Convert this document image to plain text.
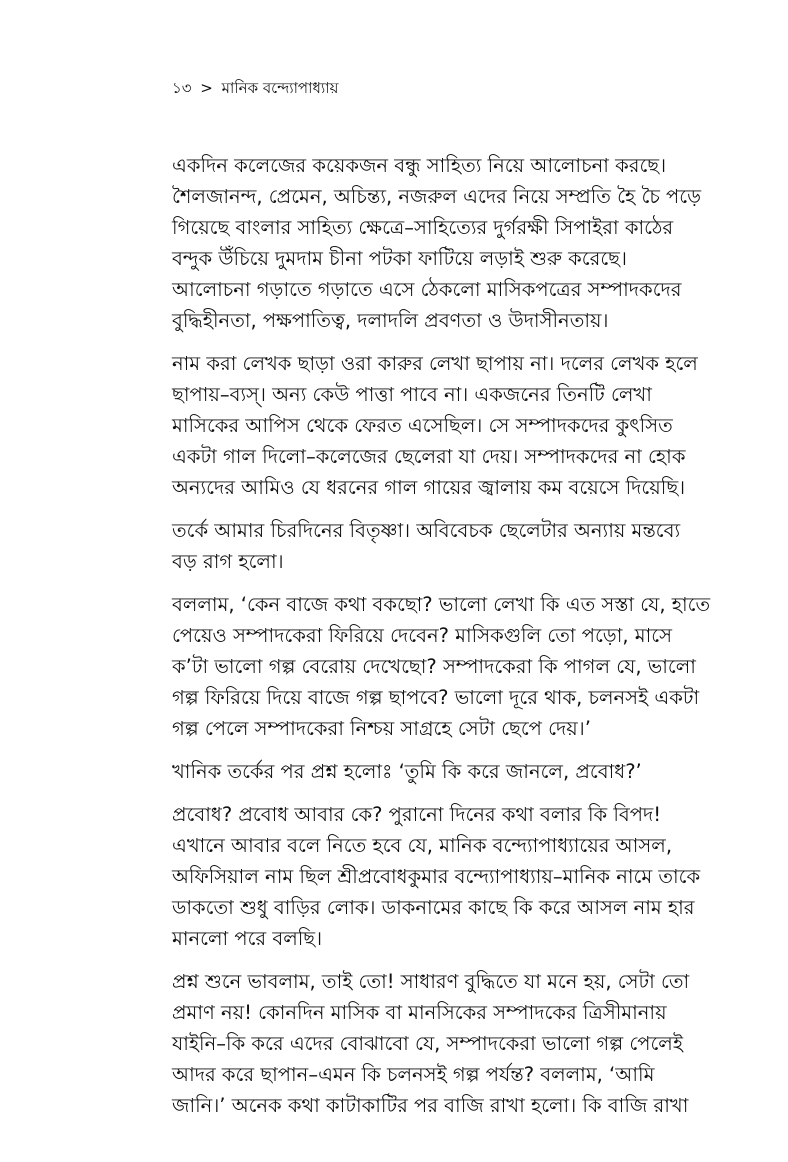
১৩ > মানিক বন্দ্যোপাধ্যায়

একদিন কলেজের কয়েকজন বন্ধু সাহিত্য নিয়ে আলোচনা করছে।
শৈলজানন্দ, প্রেমেন, অচিন্ত্য, নজরুল এদের নিয়ে সম্প্রতি হৈ চৈ পড়ে
গিয়েছে বাংলার সাহিত্য ক্ষেত্রে–সাহিত্যের দুর্গরক্ষী সিপাইরা কাঠের
বন্দুক উঁচিয়ে দুমদাম চীনা পটকা ফাটিয়ে লড়াই শুরু করেছে।
আলোচনা গড়াতে গড়াতে এসে ঠেকলো মাসিকপত্রের সম্পাদকদের
বুদ্ধিহীনতা, পক্ষপাতিত্ব, দলাদলি প্রবণতা ও উদাসীনতায়।

নাম করা লেখক ছাড়া ওরা কারুর লেখা ছাপায় না। দলের লেখক হলে
ছাপায়–ব্যস্। অন্য কেউ পাত্তা পাবে না। একজনের তিনটি লেখা
মাসিকের আপিস থেকে ফেরত এসেছিল। সে সম্পাদকদের কুৎসিত
একটা গাল দিলো–কলেজের ছেলেরা যা দেয়। সম্পাদকদের না হোক
অন্যদের আমিও যে ধরনের গাল গায়ের জ্বালায় কম বয়েসে দিয়েছি।

তর্কে আমার চিরদিনের বিতৃষ্ণা। অবিবেচক ছেলেটার অন্যায় মন্তব্যে
বড় রাগ হলো।

বললাম, ‘কেন বাজে কথা বকছো? ভালো লেখা কি এত সস্তা যে, হাতে
পেয়েও সম্পাদকেরা ফিরিয়ে দেবেন? মাসিকগুলি তো পড়ো, মাসে
ক’টা ভালো গল্প বেরোয় দেখেছো? সম্পাদকেরা কি পাগল যে, ভালো
গল্প ফিরিয়ে দিয়ে বাজে গল্প ছাপবে? ভালো দূরে থাক, চলনসই একটা
গল্প পেলে সম্পাদকেরা নিশ্চয় সাগ্রহে সেটা ছেপে দেয়।’

খানিক তর্কের পর প্রশ্ন হলোঃ ‘তুমি কি করে জানলে, প্রবোধ?’

প্রবোধ? প্রবোধ আবার কে? পুরানো দিনের কথা বলার কি বিপদ!
এখানে আবার বলে নিতে হবে যে, মানিক বন্দ্যোপাধ্যায়ের আসল,
অফিসিয়াল নাম ছিল শ্রীপ্রবোধকুমার বন্দ্যোপাধ্যায়–মানিক নামে তাকে
ডাকতো শুধু বাড়ির লোক। ডাকনামের কাছে কি করে আসল নাম হার
মানলো পরে বলছি।

প্রশ্ন শুনে ভাবলাম, তাই তো! সাধারণ বুদ্ধিতে যা মনে হয়, সেটা তো
প্রমাণ নয়! কোনদিন মাসিক বা মানসিকের সম্পাদকের ত্রিসীমানায়
যাইনি–কি করে এদের বোঝাবো যে, সম্পাদকেরা ভালো গল্প পেলেই
আদর করে ছাপান–এমন কি চলনসই গল্প পর্যন্ত? বললাম, ‘আমি
জানি।’ অনেক কথা কাটাকাটির পর বাজি রাখা হলো। কি বাজি রাখা
